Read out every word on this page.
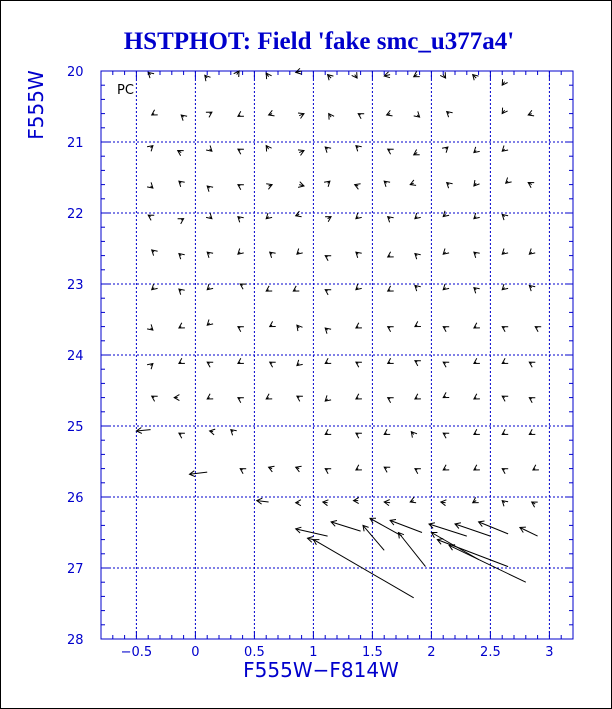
HSTPHOT: Field 'fake smc_u377a4'
−0.5	0	0.5	1	1.5	2	2.5	3
20
21
22
23
24
25
26
27
28
PC
F555W−F814W
F555W
